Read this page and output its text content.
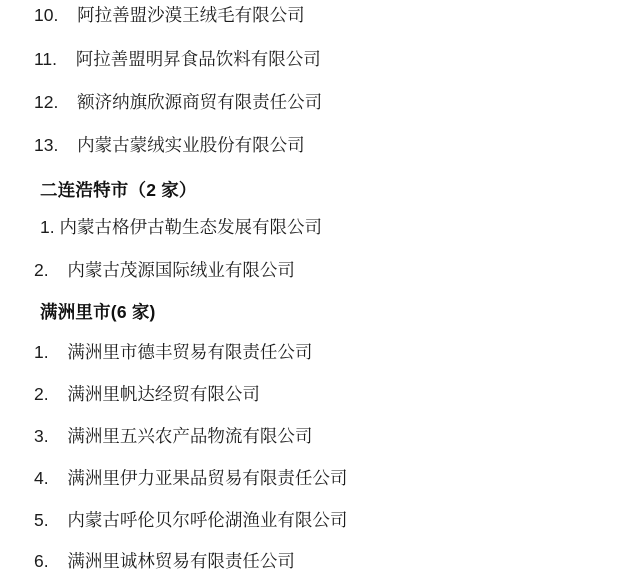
10. 阿拉善盟沙漠王绒毛有限公司
11. 阿拉善盟明昇食品饮料有限公司
12. 额济纳旗欣源商贸有限责任公司
13. 内蒙古蒙绒实业股份有限公司
二连浩特市（2 家）
1. 内蒙古格伊古勒生态发展有限公司
2. 内蒙古茂源国际绒业有限公司
满洲里市(6 家)
1. 满洲里市德丰贸易有限责任公司
2. 满洲里帆达经贸有限公司
3. 满洲里五兴农产品物流有限公司
4. 满洲里伊力亚果品贸易有限责任公司
5. 内蒙古呼伦贝尔呼伦湖渔业有限公司
6. 满洲里诚林贸易有限责任公司
